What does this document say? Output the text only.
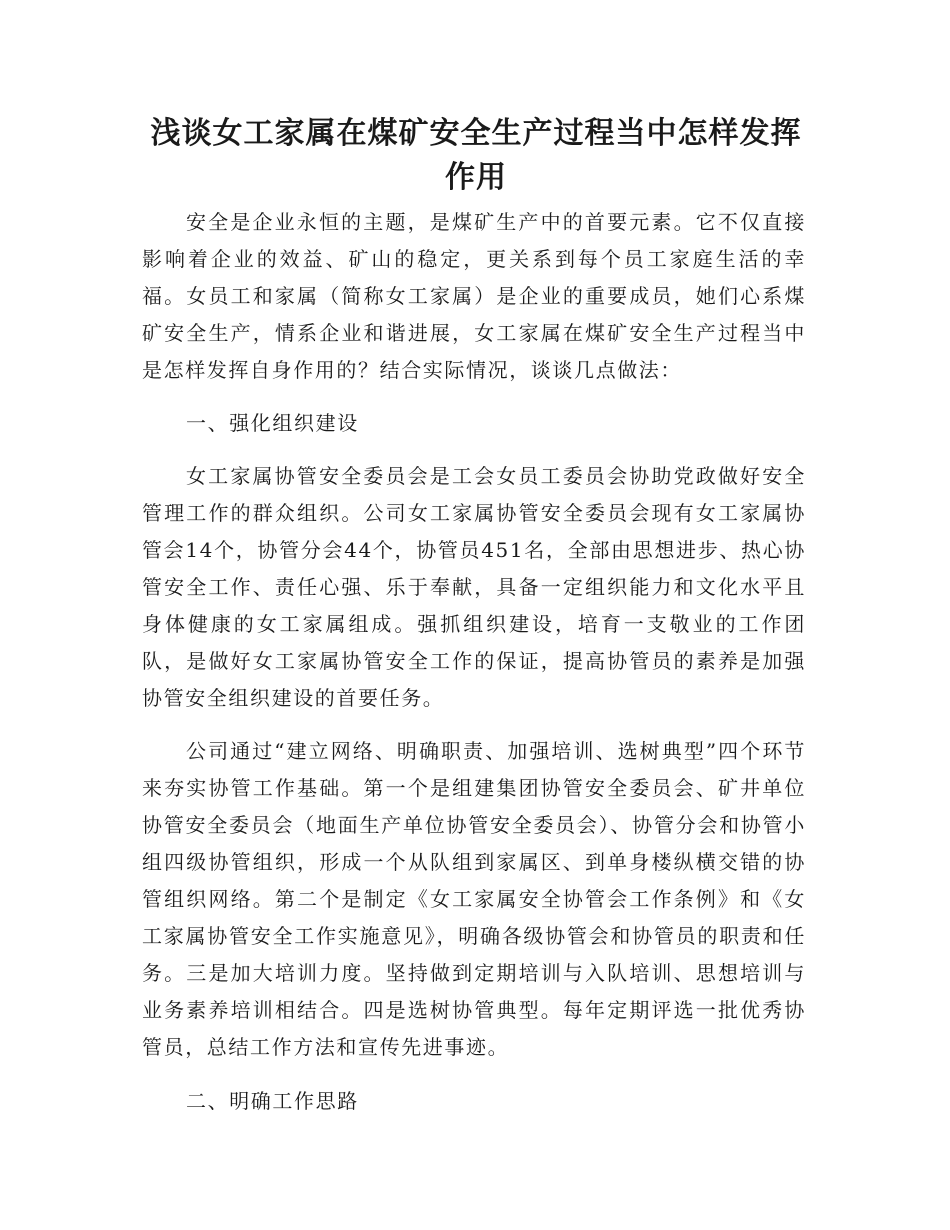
浅谈女工家属在煤矿安全生产过程当中怎样发挥作用

安全是企业永恒的主题，是煤矿生产中的首要元素。它不仅直接影响着企业的效益、矿山的稳定，更关系到每个员工家庭生活的幸福。女员工和家属（简称女工家属）是企业的重要成员，她们心系煤矿安全生产，情系企业和谐进展，女工家属在煤矿安全生产过程当中是怎样发挥自身作用的？结合实际情况，谈谈几点做法：

一、强化组织建设

女工家属协管安全委员会是工会女员工委员会协助党政做好安全管理工作的群众组织。公司女工家属协管安全委员会现有女工家属协管会14个，协管分会44个，协管员451名，全部由思想进步、热心协管安全工作、责任心强、乐于奉献，具备一定组织能力和文化水平且身体健康的女工家属组成。强抓组织建设，培育一支敬业的工作团队，是做好女工家属协管安全工作的保证，提高协管员的素养是加强协管安全组织建设的首要任务。

公司通过“建立网络、明确职责、加强培训、选树典型”四个环节来夯实协管工作基础。第一个是组建集团协管安全委员会、矿井单位协管安全委员会（地面生产单位协管安全委员会）、协管分会和协管小组四级协管组织，形成一个从队组到家属区、到单身楼纵横交错的协管组织网络。第二个是制定《女工家属安全协管会工作条例》和《女工家属协管安全工作实施意见》，明确各级协管会和协管员的职责和任务。三是加大培训力度。坚持做到定期培训与入队培训、思想培训与业务素养培训相结合。四是选树协管典型。每年定期评选一批优秀协管员，总结工作方法和宣传先进事迹。

二、明确工作思路
